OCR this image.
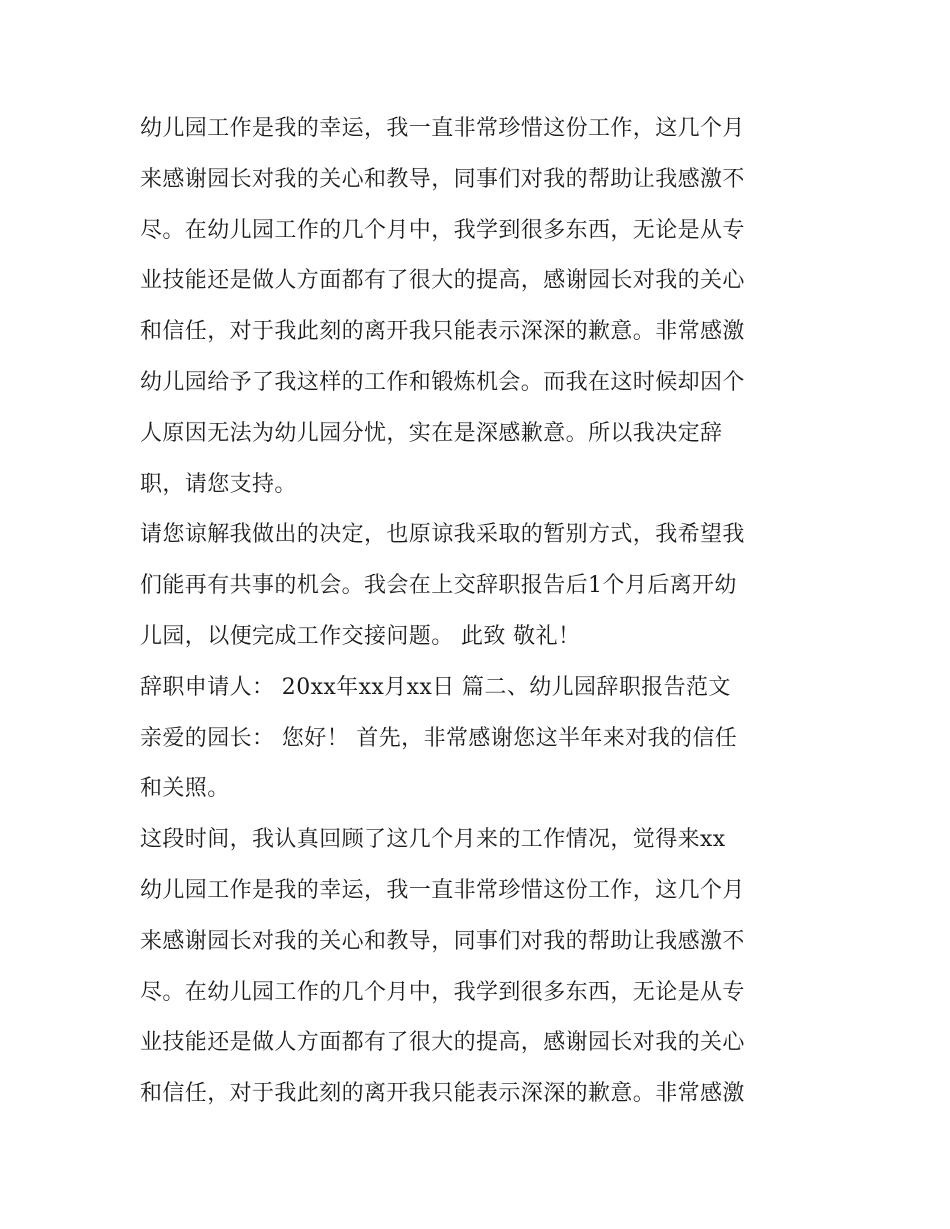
幼儿园工作是我的幸运，我一直非常珍惜这份工作，这几个月

来感谢园长对我的关心和教导，同事们对我的帮助让我感激不

尽。在幼儿园工作的几个月中，我学到很多东西，无论是从专

业技能还是做人方面都有了很大的提高，感谢园长对我的关心

和信任，对于我此刻的离开我只能表示深深的歉意。非常感激

幼儿园给予了我这样的工作和锻炼机会。而我在这时候却因个

人原因无法为幼儿园分忧，实在是深感歉意。所以我决定辞

职，请您支持。

请您谅解我做出的决定，也原谅我采取的暂别方式，我希望我

们能再有共事的机会。我会在上交辞职报告后1个月后离开幼

儿园，以便完成工作交接问题。 此致 敬礼！

辞职申请人： 20xx年xx月xx日 篇二、幼儿园辞职报告范文

亲爱的园长： 您好！ 首先，非常感谢您这半年来对我的信任

和关照。

这段时间，我认真回顾了这几个月来的工作情况，觉得来xx

幼儿园工作是我的幸运，我一直非常珍惜这份工作，这几个月

来感谢园长对我的关心和教导，同事们对我的帮助让我感激不

尽。在幼儿园工作的几个月中，我学到很多东西，无论是从专

业技能还是做人方面都有了很大的提高，感谢园长对我的关心

和信任，对于我此刻的离开我只能表示深深的歉意。非常感激
